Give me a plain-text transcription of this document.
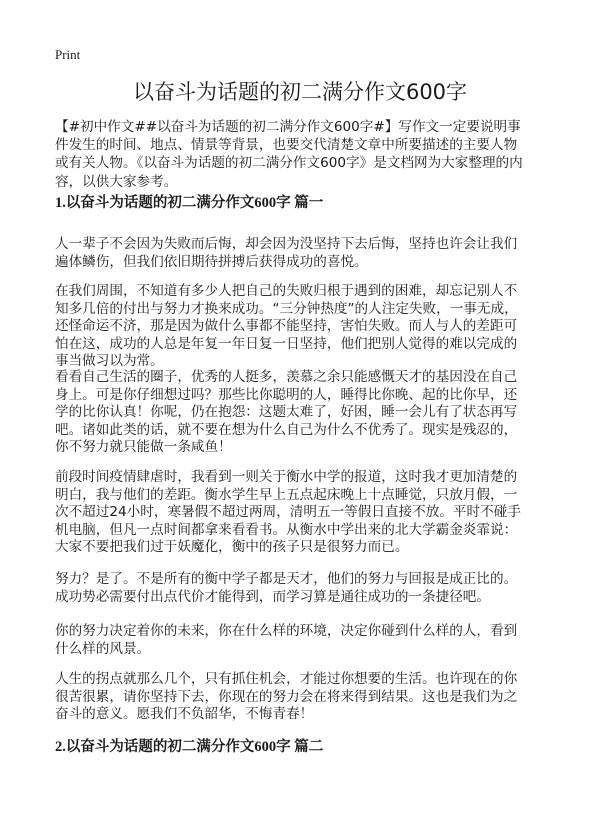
Print
以奋斗为话题的初二满分作文600字

【#初中作文##以奋斗为话题的初二满分作文600字#】写作文一定要说明事件发生的时间、地点、情景等背景，也要交代清楚文章中所要描述的主要人物或有关人物。《以奋斗为话题的初二满分作文600字》是文档网为大家整理的内容，以供大家参考。

1.以奋斗为话题的初二满分作文600字 篇一

人一辈子不会因为失败而后悔，却会因为没坚持下去后悔，坚持也许会让我们遍体鳞伤，但我们依旧期待拼搏后获得成功的喜悦。

在我们周围，不知道有多少人把自己的失败归根于遇到的困难，却忘记别人不知多几倍的付出与努力才换来成功。“三分钟热度”的人注定失败，一事无成，还怪命运不济，那是因为做什么事都不能坚持，害怕失败。而人与人的差距可怕在这，成功的人总是年复一年日复一日坚持，他们把别人觉得的难以完成的事当做习以为常。

看看自己生活的圈子，优秀的人挺多，羡慕之余只能感慨天才的基因没在自己身上。可是你仔细想过吗？那些比你聪明的人，睡得比你晚、起的比你早，还学的比你认真！你呢，仍在抱怨：这题太难了，好困，睡一会儿有了状态再写吧。诸如此类的话，就不要在想为什么自己为什么不优秀了。现实是残忍的，你不努力就只能做一条咸鱼！

前段时间疫情肆虐时，我看到一则关于衡水中学的报道，这时我才更加清楚的明白，我与他们的差距。衡水学生早上五点起床晚上十点睡觉，只放月假，一次不超过24小时，寒暑假不超过两周，清明五一等假日直接不放。平时不碰手机电脑，但凡一点时间都拿来看看书。从衡水中学出来的北大学霸金炎霏说：大家不要把我们过于妖魔化，衡中的孩子只是很努力而已。

努力？是了。不是所有的衡中学子都是天才，他们的努力与回报是成正比的。成功势必需要付出点代价才能得到，而学习算是通往成功的一条捷径吧。

你的努力决定着你的未来，你在什么样的环境，决定你碰到什么样的人，看到什么样的风景。

人生的拐点就那么几个，只有抓住机会，才能过你想要的生活。也许现在的你很苦很累，请你坚持下去，你现在的努力会在将来得到结果。这也是我们为之奋斗的意义。愿我们不负韶华，不悔青春！

2.以奋斗为话题的初二满分作文600字 篇二
